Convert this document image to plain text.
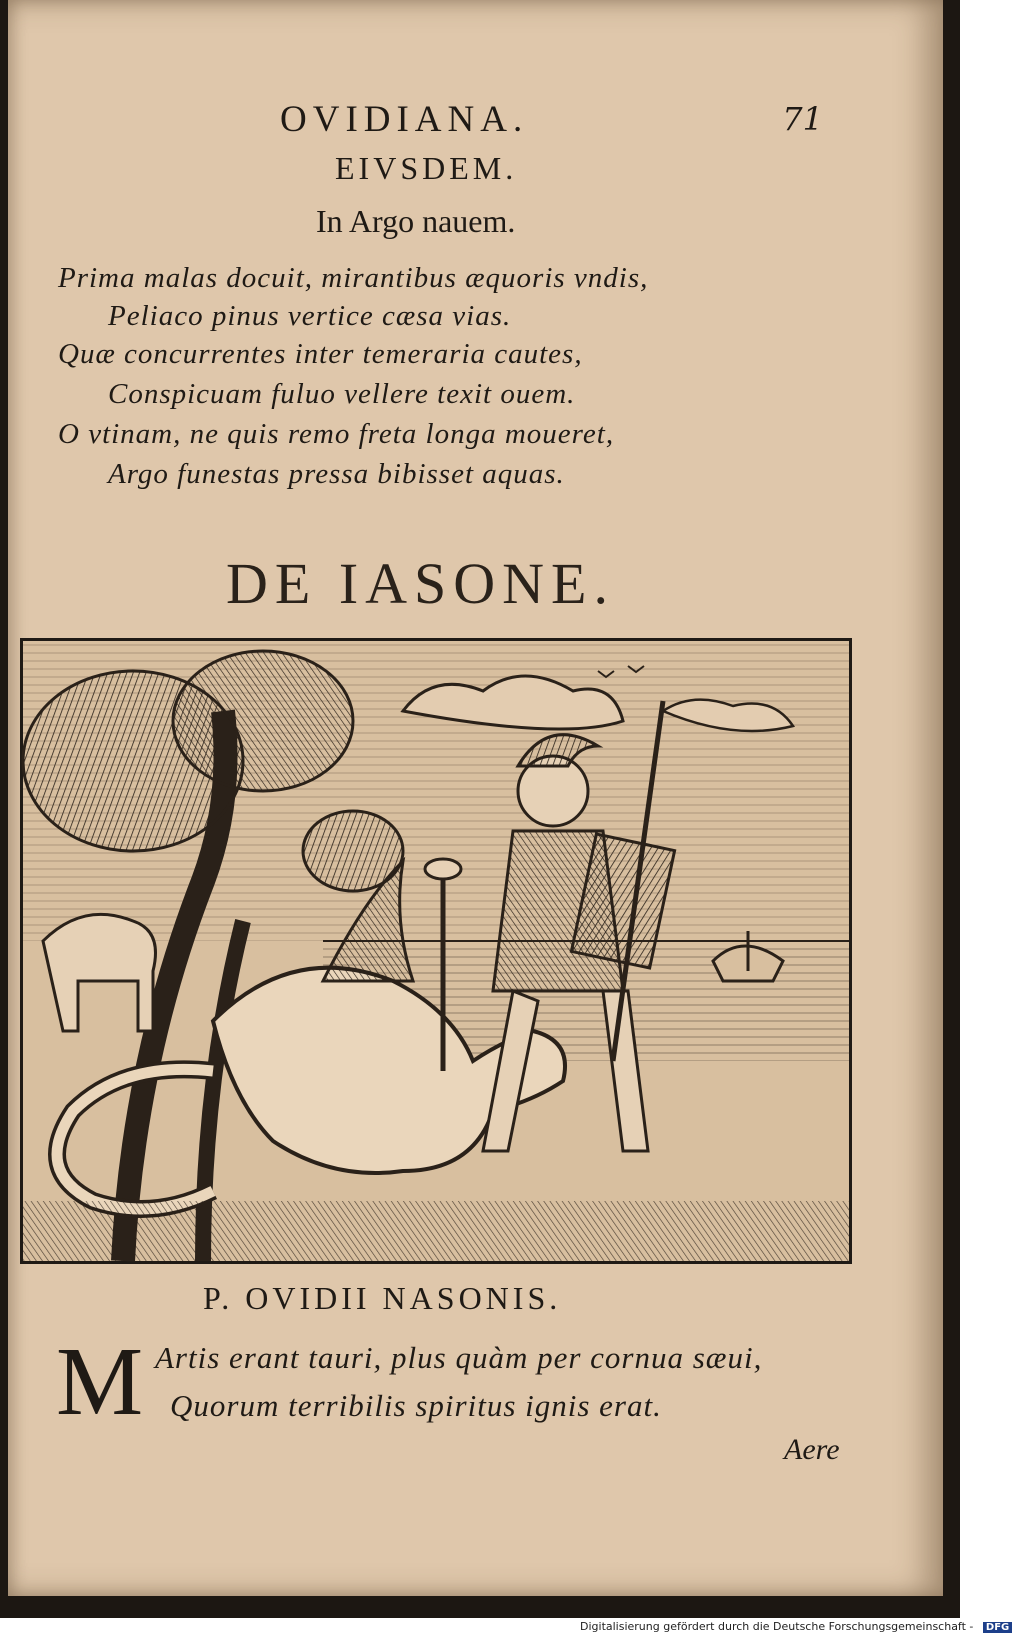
OVIDIANA.	71
EIVSDEM.
In Argo nauem.
Prima malas docuit, mirantibus æquoris vndis,
Peliaco pinus vertice cæsa vias.
Quæ concurrentes inter temeraria cautes,
Conspicuam fuluo vellere texit ouem.
O vtinam, ne quis remo freta longa moueret,
Argo funestas pressa bibisset aquas.
DE IASONE.
P. OVIDII NASONIS.
M Artis erant tauri, plus quàm per cornua sæui,
Quorum terribilis spiritus ignis erat.
Aere
Digitalisierung gefördert durch die Deutsche Forschungsgemeinschaft - DFG
